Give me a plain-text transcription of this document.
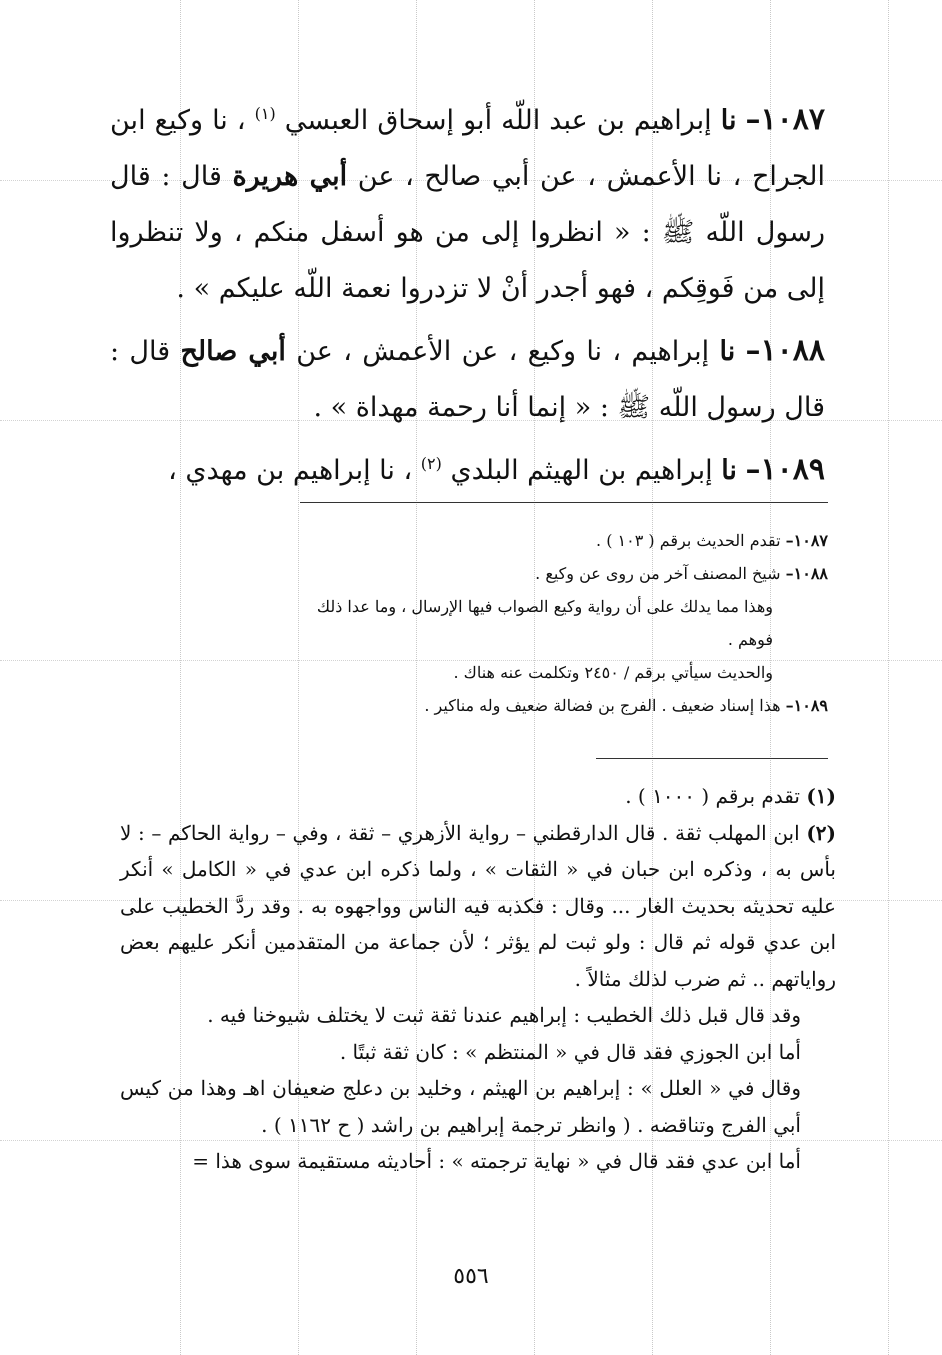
١٠٨٧– نا إبراهيم بن عبد اللّه أبو إسحاق العبسي $^{(١)}$ ، نا وكيع ابن الجراح ، نا الأعمش ، عن أبي صالح ، عن أبي هريرة قال : قال رسول اللّه ﷺ : « انظروا إلى من هو أسفل منكم ، ولا تنظروا إلى من فَوقِكم ، فهو أجدر أنْ لا تزدروا نعمة اللّه عليكم » .

١٠٨٨– نا إبراهيم ، نا وكيع ، عن الأعمش ، عن أبي صالح قال : قال رسول اللّه ﷺ : « إنما أنا رحمة مهداة » .

١٠٨٩– نا إبراهيم بن الهيثم البلدي $^{(٢)}$ ، نا إبراهيم بن مهدي ،

١٠٨٧– تقدم الحديث برقم ( ١٠٣ ) .

١٠٨٨– شيخ المصنف آخر من روى عن وكيع .

وهذا مما يدلك على أن رواية وكيع الصواب فيها الإرسال ، وما عدا ذلك فوهم .

والحديث سيأتي برقم / ٢٤٥٠ وتكلمت عنه هناك .

١٠٨٩– هذا إسناد ضعيف . الفرج بن فضالة ضعيف وله مناكير .

(١) تقدم برقم ( ١٠٠٠ ) .

(٢) ابن المهلب ثقة . قال الدارقطني – رواية الأزهري – ثقة ، وفي – رواية الحاكم – : لا بأس به ، وذكره ابن حبان في « الثقات » ، ولما ذكره ابن عدي في « الكامل » أنكر عليه تحديثه بحديث الغار ... وقال : فكذبه فيه الناس وواجهوه به . وقد ردَّ الخطيب على ابن عدي قوله ثم قال : ولو ثبت لم يؤثر ؛ لأن جماعة من المتقدمين أنكر عليهم بعض رواياتهم .. ثم ضرب لذلك مثالاً .

وقد قال قبل ذلك الخطيب : إبراهيم عندنا ثقة ثبت لا يختلف شيوخنا فيه .

أما ابن الجوزي فقد قال في « المنتظم » : كان ثقة ثبتًا .

وقال في « العلل » : إبراهيم بن الهيثم ، وخليد بن دعلج ضعيفان اهـ وهذا من كيس أبي الفرج وتناقضه . ( وانظر ترجمة إبراهيم بن راشد ( ح ١١٦٢ ) .

أما ابن عدي فقد قال في « نهاية ترجمته » : أحاديثه مستقيمة سوى هذا =

٥٥٦
